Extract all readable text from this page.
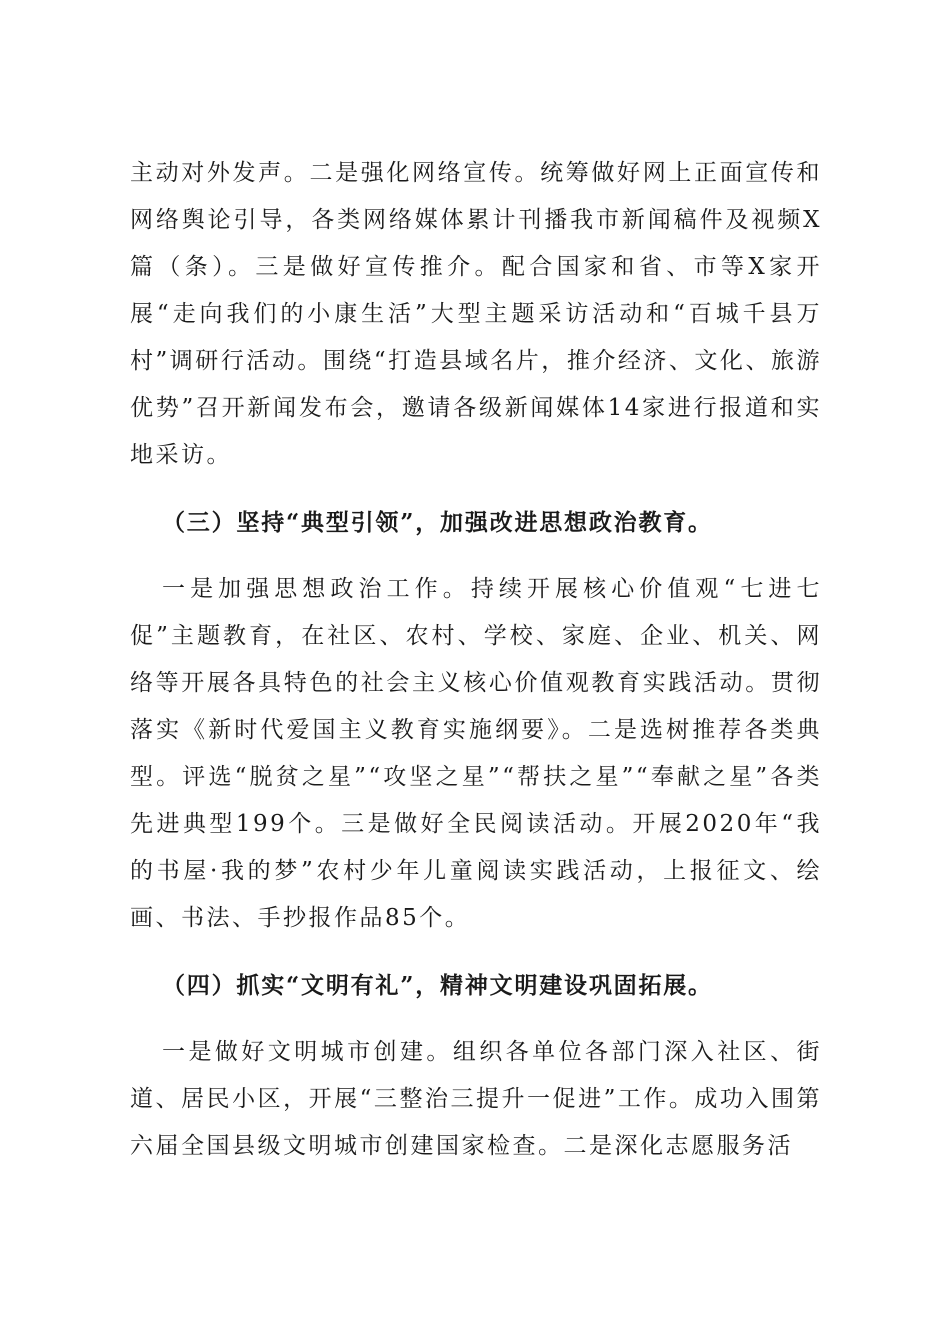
主动对外发声。二是强化网络宣传。统筹做好网上正面宣传和网络舆论引导，各类网络媒体累计刊播我市新闻稿件及视频X篇（条）。三是做好宣传推介。配合国家和省、市等X家开展“走向我们的小康生活”大型主题采访活动和“百城千县万村”调研行活动。围绕“打造县域名片，推介经济、文化、旅游优势”召开新闻发布会，邀请各级新闻媒体14家进行报道和实地采访。

（三）坚持“典型引领”，加强改进思想政治教育。

一是加强思想政治工作。持续开展核心价值观“七进七促”主题教育，在社区、农村、学校、家庭、企业、机关、网络等开展各具特色的社会主义核心价值观教育实践活动。贯彻落实《新时代爱国主义教育实施纲要》。二是选树推荐各类典型。评选“脱贫之星”“攻坚之星”“帮扶之星”“奉献之星”各类先进典型199个。三是做好全民阅读活动。开展2020年“我的书屋·我的梦”农村少年儿童阅读实践活动，上报征文、绘画、书法、手抄报作品85个。

（四）抓实“文明有礼”，精神文明建设巩固拓展。

一是做好文明城市创建。组织各单位各部门深入社区、街道、居民小区，开展“三整治三提升一促进”工作。成功入围第六届全国县级文明城市创建国家检查。二是深化志愿服务活
